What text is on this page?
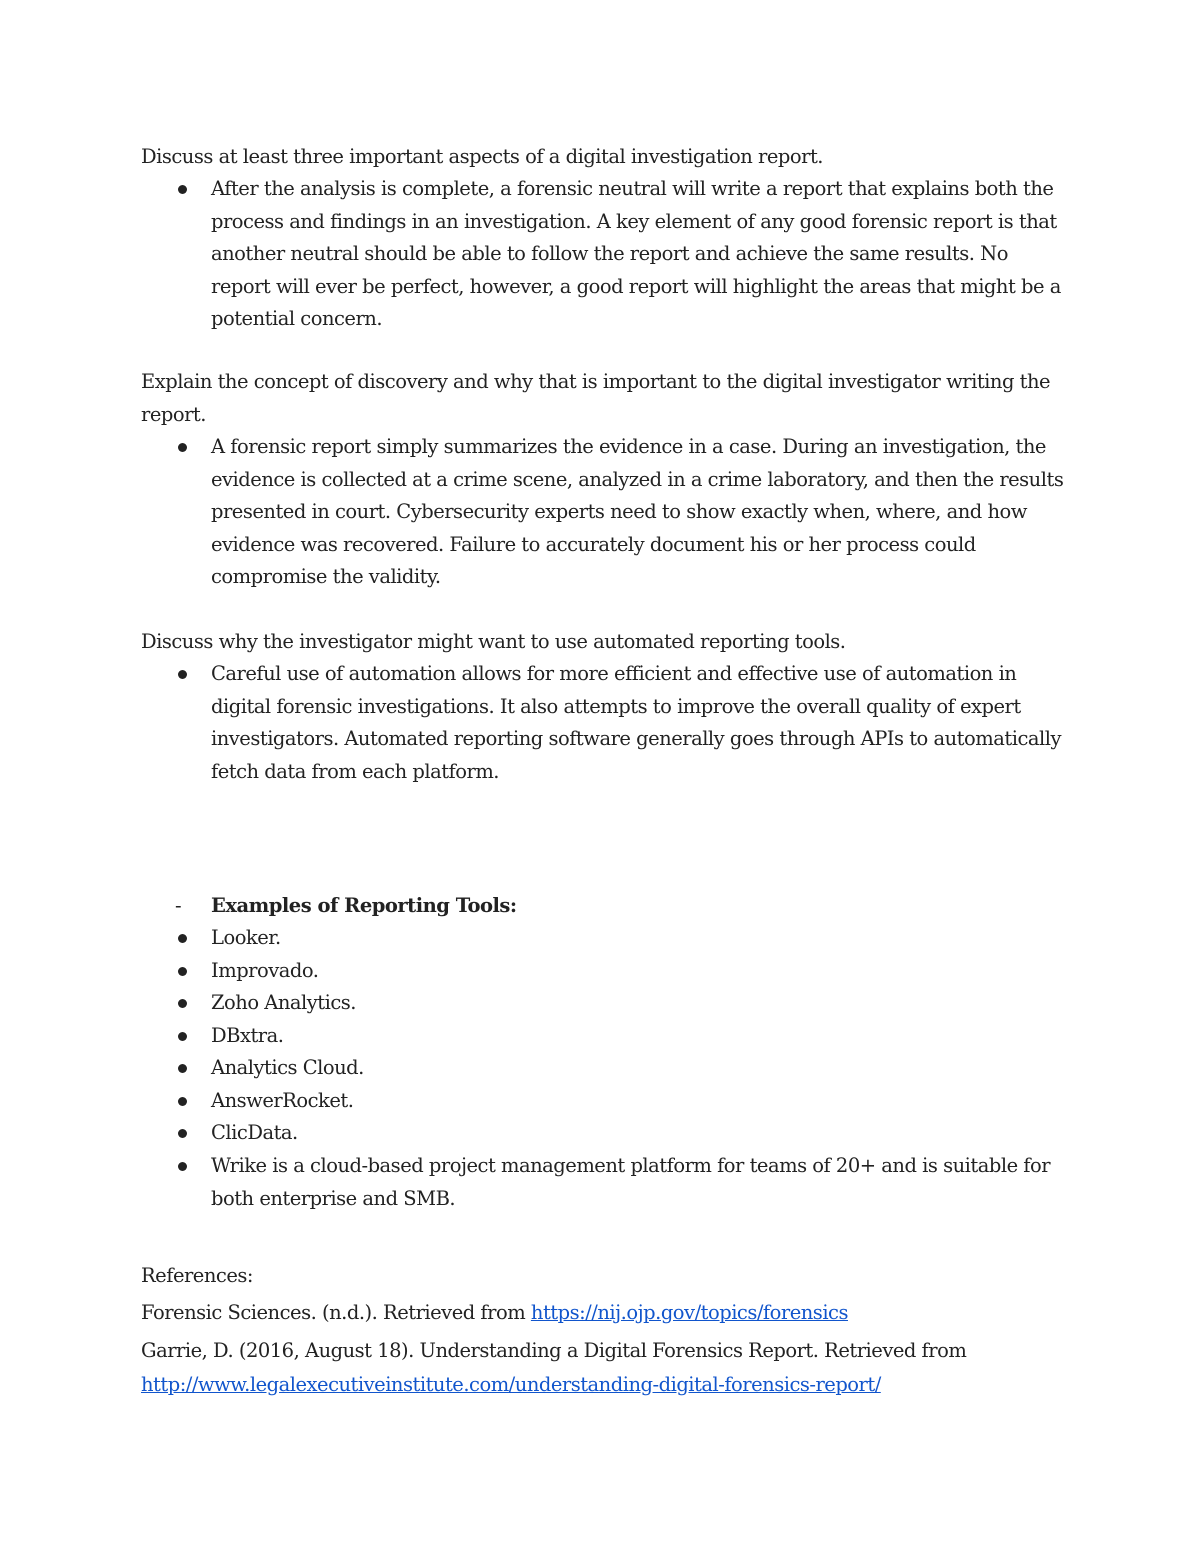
Discuss at least three important aspects of a digital investigation report.

After the analysis is complete, a forensic neutral will write a report that explains both the process and findings in an investigation. A key element of any good forensic report is that another neutral should be able to follow the report and achieve the same results. No report will ever be perfect, however, a good report will highlight the areas that might be a potential concern.

Explain the concept of discovery and why that is important to the digital investigator writing the report.

A forensic report simply summarizes the evidence in a case. During an investigation, the evidence is collected at a crime scene, analyzed in a crime laboratory, and then the results presented in court. Cybersecurity experts need to show exactly when, where, and how evidence was recovered. Failure to accurately document his or her process could compromise the validity.

Discuss why the investigator might want to use automated reporting tools.

Careful use of automation allows for more efficient and effective use of automation in digital forensic investigations. It also attempts to improve the overall quality of expert investigators. Automated reporting software generally goes through APIs to automatically fetch data from each platform.
- Examples of Reporting Tools:
Looker.
Improvado.
Zoho Analytics.
DBxtra.
Analytics Cloud.
AnswerRocket.
ClicData.
Wrike is a cloud-based project management platform for teams of 20+ and is suitable for both enterprise and SMB.
References:
Forensic Sciences. (n.d.). Retrieved from https://nij.ojp.gov/topics/forensics
Garrie, D. (2016, August 18). Understanding a Digital Forensics Report. Retrieved from
http://www.legalexecutiveinstitute.com/understanding-digital-forensics-report/
